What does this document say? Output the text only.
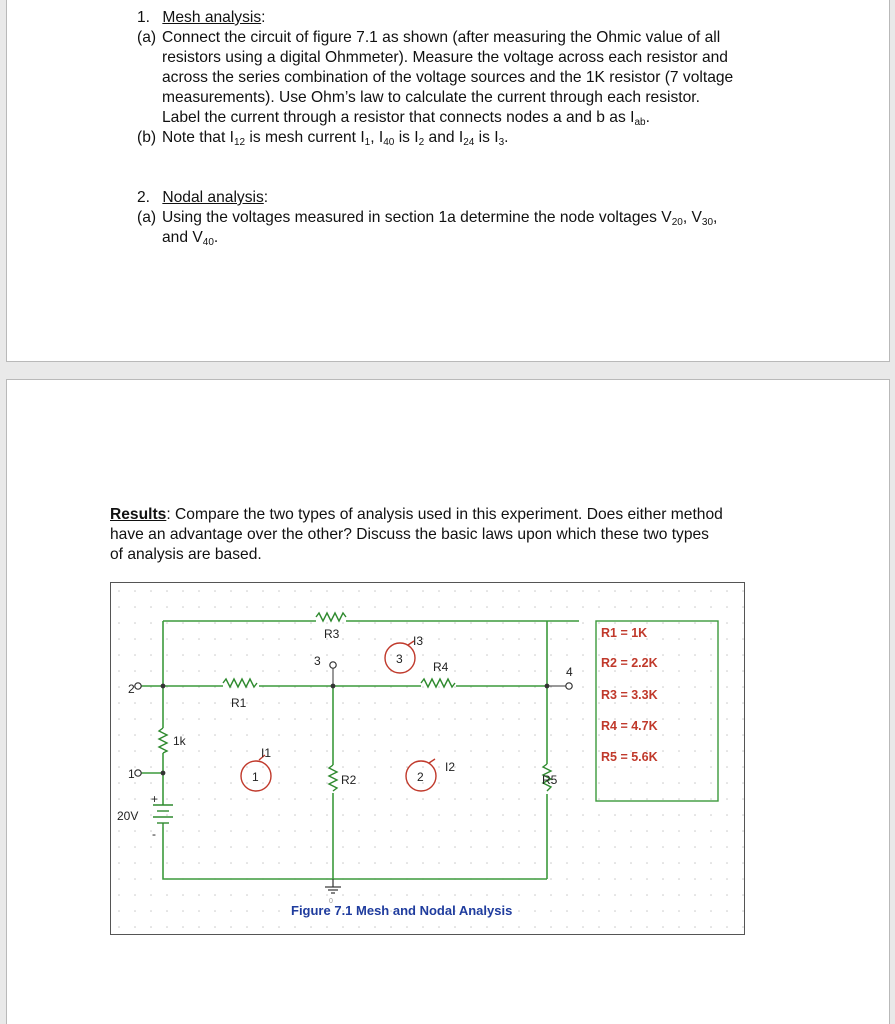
1. Mesh analysis:
(a) Connect the circuit of figure 7.1 as shown (after measuring the Ohmic value of all
resistors using a digital Ohmmeter). Measure the voltage across each resistor and
across the series combination of the voltage sources and the 1K resistor (7 voltage
measurements). Use Ohm’s law to calculate the current through each resistor.
Label the current through a resistor that connects nodes a and b as $I_{ab}$.
(b) Note that $I_{12}$ is mesh current $I_1$, $I_{40}$ is $I_2$ and $I_{24}$ is $I_3$.
2. Nodal analysis:
(a) Using the voltages measured in section 1a determine the node voltages $V_{20}$, $V_{30}$,
and $V_{40}$.
Results: Compare the two types of analysis used in this experiment. Does either method
have an advantage over the other? Discuss the basic laws upon which these two types
of analysis are based.
R3
R1
R4
1k
R2	R5
20V
+
-
2
1
3
4
0
1	2
3
I1
I2
I3
R1 = 1K
R2 = 2.2K
R3 = 3.3K
R4 = 4.7K
R5 = 5.6K
Figure 7.1 Mesh and Nodal Analysis
